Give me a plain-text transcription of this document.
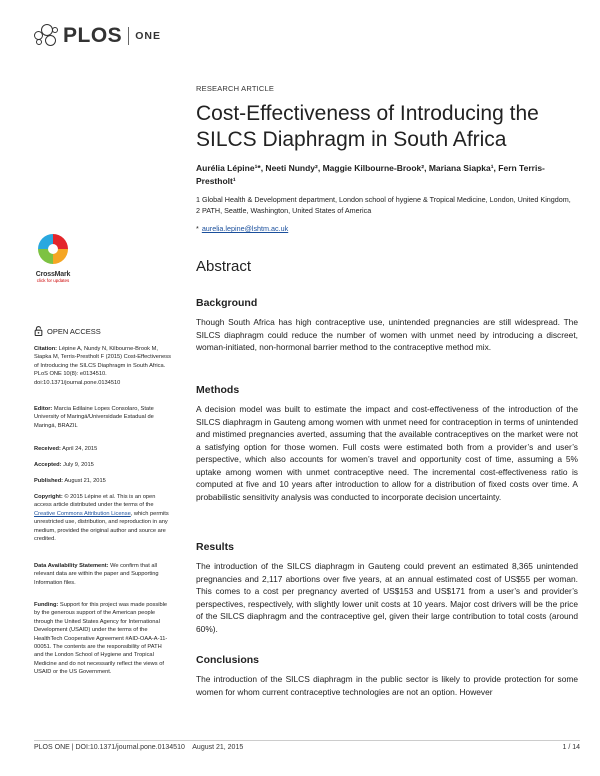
PLOS ONE
RESEARCH ARTICLE
Cost-Effectiveness of Introducing the SILCS Diaphragm in South Africa
Aurélia Lépine¹*, Neeti Nundy², Maggie Kilbourne-Brook², Mariana Siapka¹, Fern Terris-Prestholt¹
1 Global Health & Development department, London school of hygiene & Tropical Medicine, London, United Kingdom, 2 PATH, Seattle, Washington, United States of America
* aurelia.lepine@lshtm.ac.uk
Abstract
Background

Though South Africa has high contraceptive use, unintended pregnancies are still widespread. The SILCS diaphragm could reduce the number of women with unmet need by introducing a discreet, woman-initiated, non-hormonal barrier method to the contraceptive method mix.

Methods

A decision model was built to estimate the impact and cost-effectiveness of the introduction of the SILCS diaphragm in Gauteng among women with unmet need for contraception in terms of unintended and mistimed pregnancies averted, assuming that the available contraceptives on the market were not a satisfying option for those women. Full costs were estimated both from a provider’s and user’s perspective, which also accounts for women’s travel and opportunity cost of time, assuming a 5% uptake among women with unmet contraceptive need. The incremental cost-effectiveness ratio is computed at five and 10 years after introduction to allow for a distribution of fixed costs over time. A probabilistic sensitivity analysis was conducted to incorporate decision uncertainty.

Results

The introduction of the SILCS diaphragm in Gauteng could prevent an estimated 8,365 unintended pregnancies and 2,117 abortions over five years, at an annual estimated cost of US$55 per woman. This comes to a cost per pregnancy averted of US$153 and US$171 from a user’s and provider’s perspectives, respectively, with slightly lower unit costs at 10 years. Major cost drivers will be the price of the SILCS diaphragm and the contraceptive gel, given their large contribution to total costs (around 60%).

Conclusions

The introduction of the SILCS diaphragm in the public sector is likely to provide protection for some women for whom current contraceptive technologies are not an option. However

CrossMark
click for updates
OPEN ACCESS
Citation: Lépine A, Nundy N, Kilbourne-Brook M, Siapka M, Terris-Prestholt F (2015) Cost-Effectiveness of Introducing the SILCS Diaphragm in South Africa. PLoS ONE 10(8): e0134510. doi:10.1371/journal.pone.0134510
Editor: Marcia Edilaine Lopes Consolaro, State University of Maringá/Universidade Estadual de Maringá, BRAZIL
Received: April 24, 2015
Accepted: July 9, 2015
Published: August 21, 2015
Copyright: © 2015 Lépine et al. This is an open access article distributed under the terms of the Creative Commons Attribution License, which permits unrestricted use, distribution, and reproduction in any medium, provided the original author and source are credited.
Data Availability Statement: We confirm that all relevant data are within the paper and Supporting Information files.
Funding: Support for this project was made possible by the generous support of the American people through the United States Agency for International Development (USAID) under the terms of the HealthTech Cooperative Agreement #AID-OAA-A-11-00051. The contents are the responsibility of PATH and the London School of Hygiene and Tropical Medicine and do not necessarily reflect the views of USAID or the US Government.
PLOS ONE | DOI:10.1371/journal.pone.0134510    August 21, 2015	1 / 14
